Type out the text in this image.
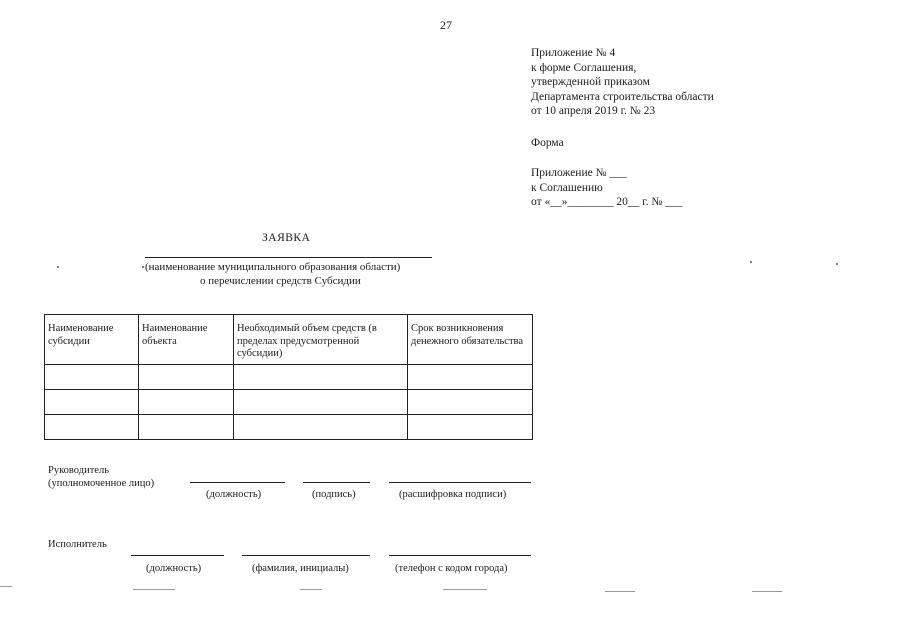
27
Приложение № 4
к форме Соглашения,
утвержденной приказом
Департамента строительства области
от 10 апреля 2019 г. № 23
Форма
Приложение № ___
к Соглашению
от «__»________ 20__ г. № ___
ЗАЯВКА
(наименование муниципального образования области)
о перечислении средств Субсидии
Наименование субсидии	Наименование объекта	Необходимый объем средств (в пределах предусмотренной субсидии)	Срок возникновения денежного обязательства

Руководитель
(уполномоченное лицо)
(должность)	(подпись)	(расшифровка подписи)
Исполнитель
(должность)	(фамилия, инициалы)	(телефон с кодом города)
